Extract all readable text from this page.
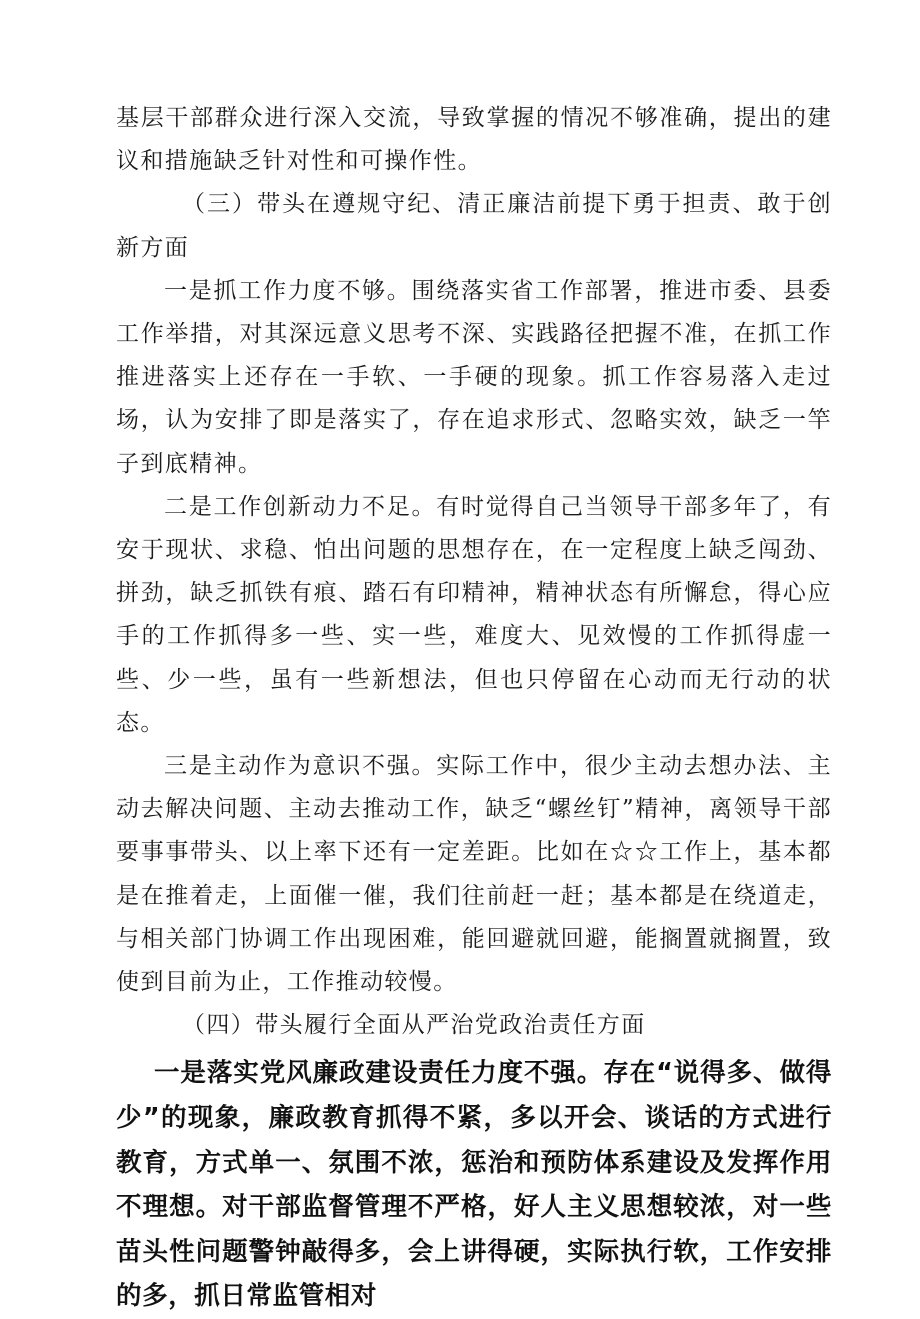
基层干部群众进行深入交流，导致掌握的情况不够准确，提出的建议和措施缺乏针对性和可操作性。

（三）带头在遵规守纪、清正廉洁前提下勇于担责、敢于创新方面

一是抓工作力度不够。围绕落实省工作部署，推进市委、县委工作举措，对其深远意义思考不深、实践路径把握不准，在抓工作推进落实上还存在一手软、一手硬的现象。抓工作容易落入走过场，认为安排了即是落实了，存在追求形式、忽略实效，缺乏一竿子到底精神。

二是工作创新动力不足。有时觉得自己当领导干部多年了，有安于现状、求稳、怕出问题的思想存在，在一定程度上缺乏闯劲、拼劲，缺乏抓铁有痕、踏石有印精神，精神状态有所懈怠，得心应手的工作抓得多一些、实一些，难度大、见效慢的工作抓得虚一些、少一些，虽有一些新想法，但也只停留在心动而无行动的状态。

三是主动作为意识不强。实际工作中，很少主动去想办法、主动去解决问题、主动去推动工作，缺乏“螺丝钉”精神，离领导干部要事事带头、以上率下还有一定差距。比如在☆☆工作上，基本都是在推着走，上面催一催，我们往前赶一赶；基本都是在绕道走，与相关部门协调工作出现困难，能回避就回避，能搁置就搁置，致使到目前为止，工作推动较慢。

（四）带头履行全面从严治党政治责任方面

一是落实党风廉政建设责任力度不强。存在“说得多、做得少”的现象，廉政教育抓得不紧，多以开会、谈话的方式进行教育，方式单一、氛围不浓，惩治和预防体系建设及发挥作用不理想。对干部监督管理不严格，好人主义思想较浓，对一些苗头性问题警钟敲得多，会上讲得硬，实际执行软，工作安排的多，抓日常监管相对
